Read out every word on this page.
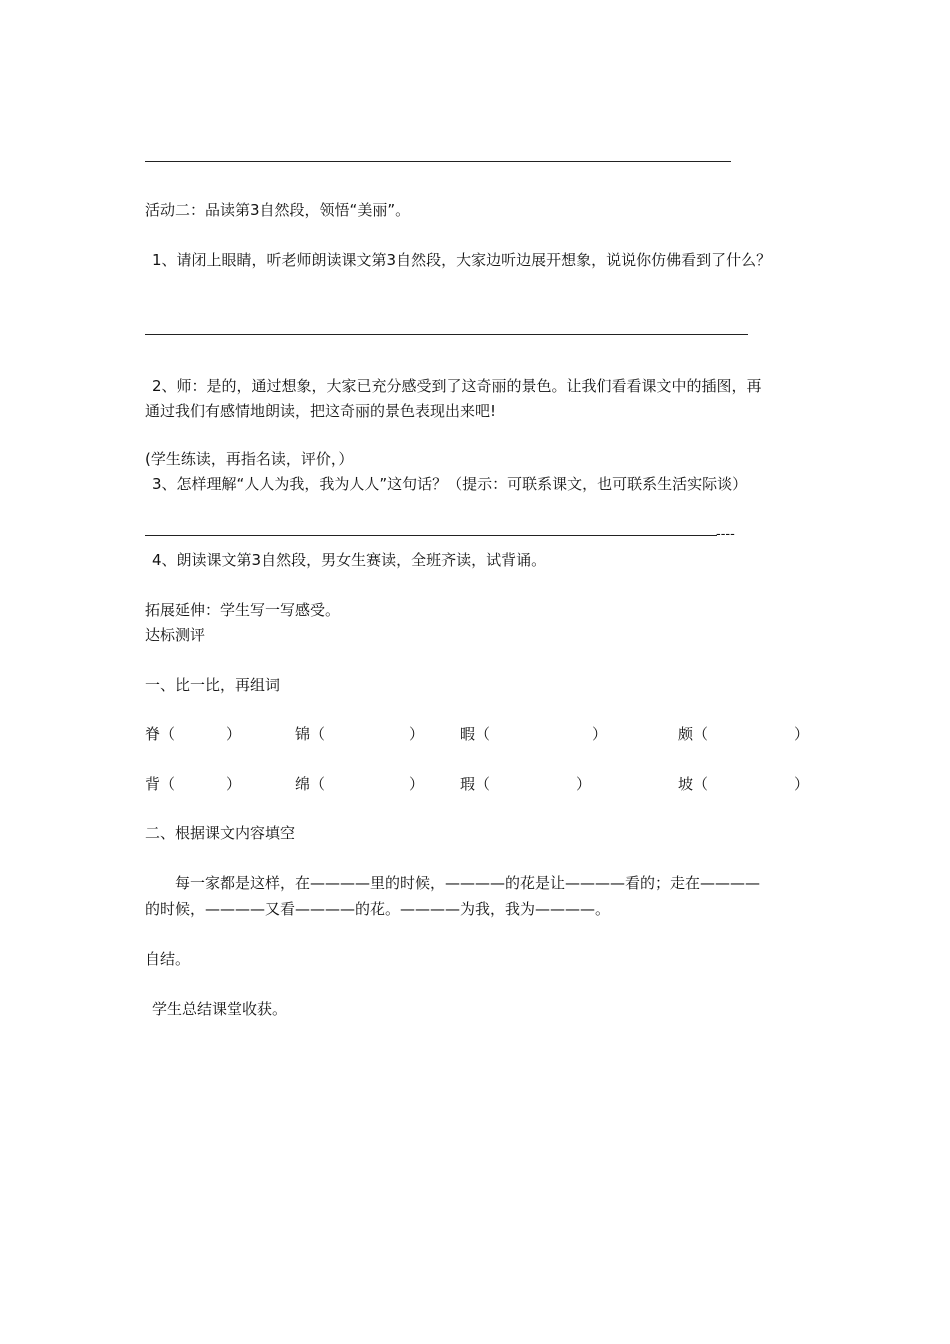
活动二：品读第3自然段，领悟“美丽”。
1、请闭上眼睛，听老师朗读课文第3自然段，大家边听边展开想象，说说你仿佛看到了什么？
2、师：是的，通过想象，大家已充分感受到了这奇丽的景色。让我们看看课文中的插图，再
通过我们有感情地朗读，把这奇丽的景色表现出来吧!
(学生练读，再指名读，评价，）
3、怎样理解“人人为我，我为人人”这句话？（提示：可联系课文，也可联系生活实际谈）
----
4、朗读课文第3自然段，男女生赛读，全班齐读，试背诵。
拓展延伸：学生写一写感受。
达标测评
一、比一比，再组词
脊 （	）	锦 （	） 暇 （	）	颇 （	）
背 （	）	绵 （	） 瑕 （	）	坡 （	）
二、根据课文内容填空
每一家都是这样，在————里的时候，————的花是让————看的；走在————
的时候，————又看————的花。————为我，我为————。
自结。
学生总结课堂收获。
